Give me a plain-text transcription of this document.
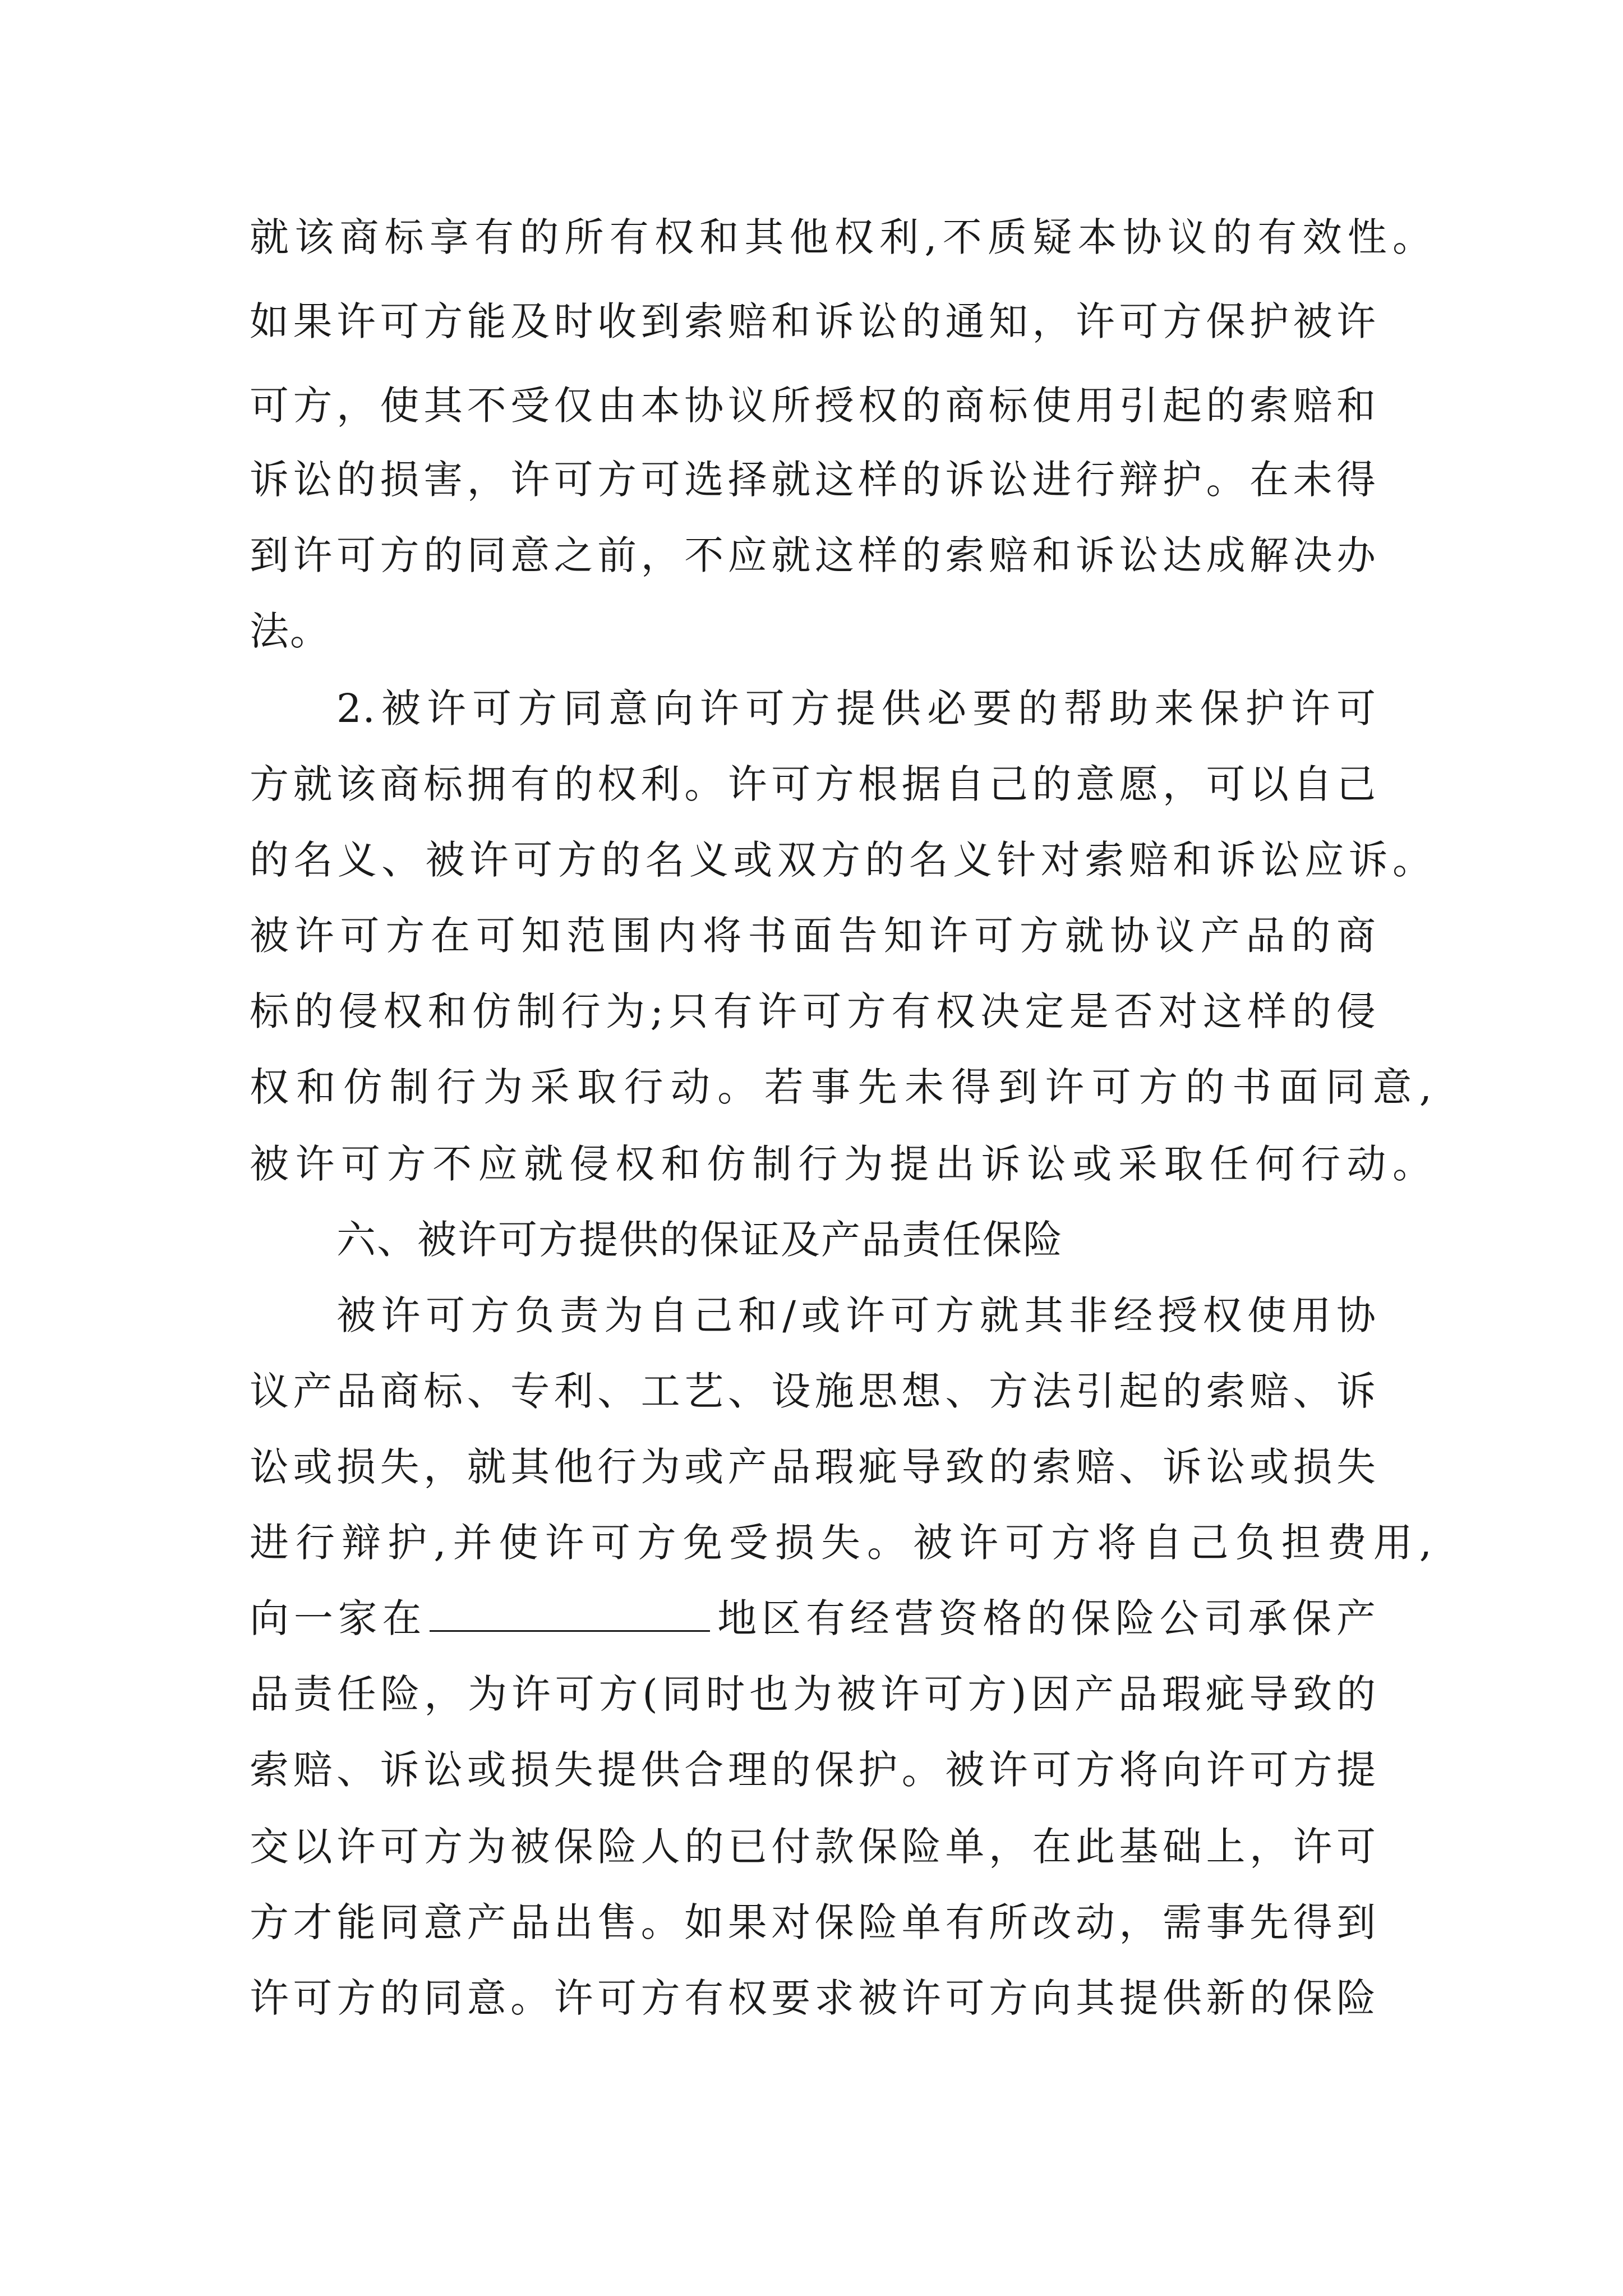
就该商标享有的所有权和其他权利,不质疑本协议的有效性。

如果许可方能及时收到索赔和诉讼的通知，许可方保护被许

可方，使其不受仅由本协议所授权的商标使用引起的索赔和

诉讼的损害，许可方可选择就这样的诉讼进行辩护。在未得

到许可方的同意之前，不应就这样的索赔和诉讼达成解决办

法。

2.被许可方同意向许可方提供必要的帮助来保护许可

方就该商标拥有的权利。许可方根据自己的意愿，可以自己

的名义、被许可方的名义或双方的名义针对索赔和诉讼应诉。

被许可方在可知范围内将书面告知许可方就协议产品的商

标的侵权和仿制行为;只有许可方有权决定是否对这样的侵

权和仿制行为采取行动。若事先未得到许可方的书面同意,

被许可方不应就侵权和仿制行为提出诉讼或采取任何行动。

六、被许可方提供的保证及产品责任保险

被许可方负责为自己和/或许可方就其非经授权使用协

议产品商标、专利、工艺、设施思想、方法引起的索赔、诉

讼或损失，就其他行为或产品瑕疵导致的索赔、诉讼或损失

进行辩护,并使许可方免受损失。被许可方将自己负担费用,

向一家在	地区有经营资格的保险公司承保产

品责任险，为许可方(同时也为被许可方)因产品瑕疵导致的

索赔、诉讼或损失提供合理的保护。被许可方将向许可方提

交以许可方为被保险人的已付款保险单，在此基础上，许可

方才能同意产品出售。如果对保险单有所改动，需事先得到

许可方的同意。许可方有权要求被许可方向其提供新的保险
